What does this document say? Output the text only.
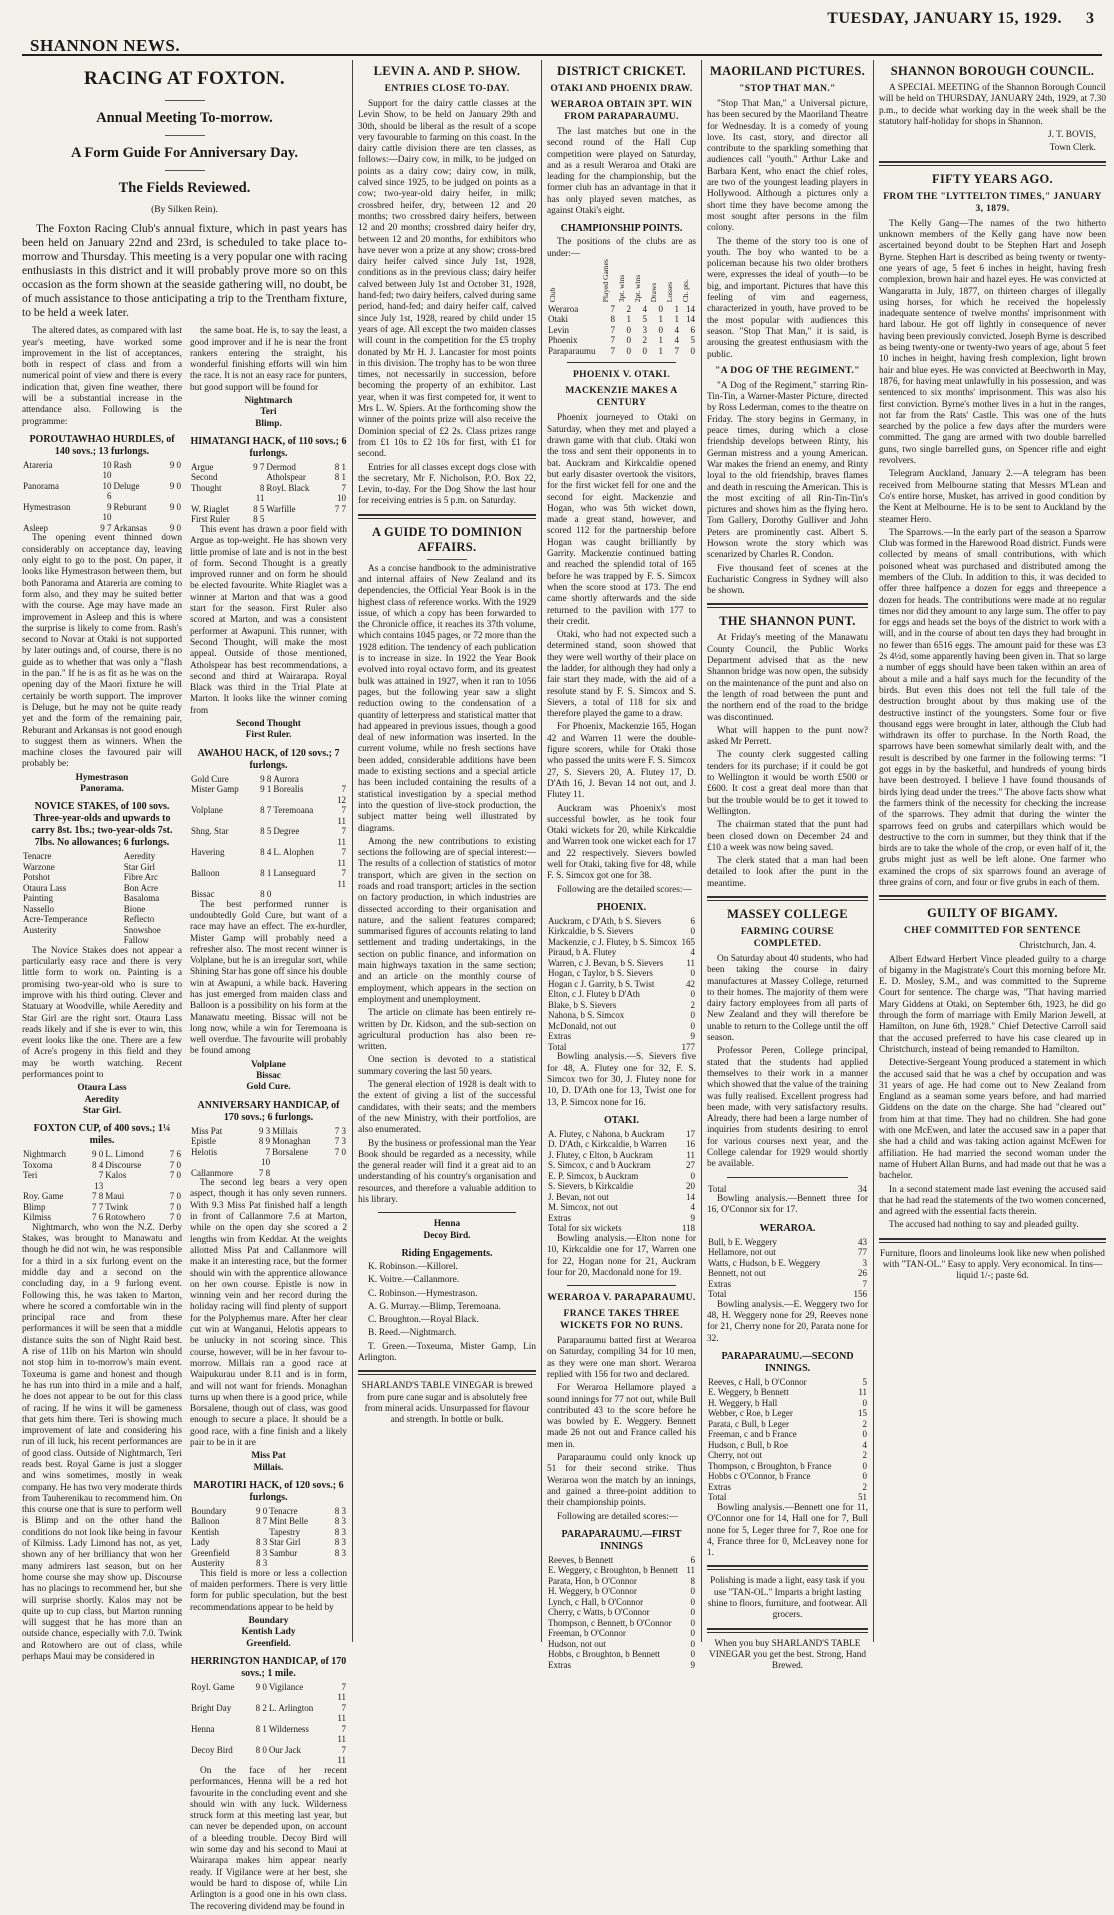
SHANNON NEWS.
TUESDAY, JANUARY 15, 1929. 3
RACING AT FOXTON.
Annual Meeting To-morrow.
A Form Guide For Anniversary Day.
The Fields Reviewed.
(By Silken Rein).

The Foxton Racing Club's annual fixture, which in past years has been held on January 22nd and 23rd, is scheduled to take place to-morrow and Thursday. This meeting is a very popular one with racing enthusiasts in this district and it will probably prove more so on this occasion as the form shown at the seaside gathering will, no doubt, be of much assistance to those anticipating a trip to the Trentham fixture, to be held a week later.

The altered dates, as compared with last year's meeting, have worked some improvement in the list of acceptances, both in respect of class and from a numerical point of view and there is every indication that, given fine weather, there will be a substantial increase in the attendance also. Following is the programme:

POROUTAWHAO HURDLES, of 140 sovs.; 13 furlongs.
Atareria	10 10	Rash	9 0
Panorama	10 6	Deluge	9 0
Hymestrason	9 10	Reburant	9 0
Asleep	9 7	Arkansas	9 0

The opening event thinned down considerably on acceptance day, leaving only eight to go to the post. On paper, it looks like Hymestrason between them, but both Panorama and Atareria are coming to form also, and they may be suited better with the course. Age may have made an improvement in Asleep and this is where the surprise is likely to come from. Rash's second to Novar at Otaki is not supported by later outings and, of course, there is no guide as to whether that was only a "flash in the pan." If he is as fit as he was on the opening day of the Maori fixture he will certainly be worth support. The improver is Deluge, but he may not be quite ready yet and the form of the remaining pair, Reburant and Arkansas is not good enough to suggest them as winners. When the machine closes the favoured pair will probably be:

Hymestrason
Panorama.

NOVICE STAKES, of 100 sovs. Three-year-olds and upwards to carry 8st. 1bs.; two-year-olds 7st. 7lbs. No allowances; 6 furlongs.
Tenacre	Aeredity
Warzone	Star Girl
Potshot	Fibre Arc
Otaura Lass	Bon Acre
Painting	Basaloma
Nassello	Bione
Acre-Temperance	Reflecto
Austerity	Snowshoe
	Fallow

The Novice Stakes does not appear a particularly easy race and there is very little form to work on. Painting is a promising two-year-old who is sure to improve with his third outing. Clever and Statuary at Woodville, while Aeredity and Star Girl are the right sort. Otaura Lass reads likely and if she is ever to win, this event looks like the one. There are a few of Acre's progeny in this field and they may be worth watching. Recent performances point to

Otaura Lass
Aeredity
Star Girl.

FOXTON CUP, of 400 sovs.; 1¼ miles.
Nightmarch	9 0	L. Limond	7 6
Toxoma	8 4	Discourse	7 0
Teri	7 13	Kalos	7 0
Roy. Game	7 8	Maui	7 0
Blimp	7 7	Twink	7 0
Kilmiss	7 6	Rotowhero	7 0

Nightmarch, who won the N.Z. Derby Stakes, was brought to Manawatu and though he did not win, he was responsible for a third in a six furlong event on the middle day and a second on the concluding day, in a 9 furlong event. Following this, he was taken to Marton, where he scored a comfortable win in the principal race and from these performances it will be seen that a middle distance suits the son of Night Raid best. A rise of 11lb on his Marton win should not stop him in to-morrow's main event. Toxeuma is game and honest and though he has run into third in a mile and a half, he does not appear to be out for this class of racing. If he wins it will be gameness that gets him there. Teri is showing much improvement of late and considering his run of ill luck, his recent performances are of good class. Outside of Nightmarch, Teri reads best. Royal Game is just a slogger and wins sometimes, mostly in weak company. He has two very moderate thirds from Tauherenikau to recommend him. On this course one that is sure to perform well is Blimp and on the other hand the conditions do not look like being in favour of Kilmiss. Lady Limond has not, as yet, shown any of her brilliancy that won her many admirers last season, but on her home course she may show up. Discourse has no placings to recommend her, but she will surprise shortly. Kalos may not be quite up to cup class, but Marton running will suggest that he has more than an outside chance, especially with 7.0. Twink and Rotowhero are out of class, while perhaps Maui may be considered in

the same boat. He is, to say the least, a good improver and if he is near the front rankers entering the straight, his wonderful finishing efforts will win him the race. It is not an easy race for punters, but good support will be found for

Nightmarch
Teri
Blimp.

HIMATANGI HACK, of 110 sovs.; 6 furlongs.
Argue	9 7	Dermod	8 1
Second		Atholspear	8 1
Thought	8 11	Royl. Black	7 10
W. Riaglet	8 5	Warfille	7 7
First Ruler	8 5		

This event has drawn a poor field with Argue as top-weight. He has shown very little promise of late and is not in the best of form. Second Thought is a greatly improved runner and on form he should be elected favourite. White Riaglet was a winner at Marton and that was a good start for the season. First Ruler also scored at Marton, and was a consistent performer at Awapuni. This runner, with Second Thought, will make the most appeal. Outside of those mentioned, Atholspear has best recommendations, a second and third at Wairarapa. Royal Black was third in the Trial Plate at Marton. It looks like the winner coming from

Second Thought
First Ruler.

AWAHOU HACK, of 120 sovs.; 7 furlongs.
Gold Cure	9 8	Aurora	
Mister Gamp	9 1	Borealis	7 12
Volplane	8 7	Teremoana	7 11
Shng. Star	8 5	Degree	7 11
Havering	8 4	L. Alophen	7 11
Balloon	8 1	Lanseguard	7 11
Bissac	8 0		

The best performed runner is undoubtedly Gold Cure, but want of a race may have an effect. The ex-hurdler, Mister Gamp will probably need a refresher also. The most recent winner is Volplane, but he is an irregular sort, while Shining Star has gone off since his double win at Awapuni, a while back. Havering has just emerged from maiden class and Balloon is a possibility on his form at the Manawatu meeting. Bissac will not be long now, while a win for Teremoana is well overdue. The favourite will probably be found among

Volplane
Bissac
Gold Cure.

ANNIVERSARY HANDICAP, of 170 sovs.; 6 furlongs.
Miss Pat	9 3	Millais	7 3
Epistle	8 9	Monaghan	7 3
Helotis	7 10	Borsalene	7 0
Callanmore	7 8		

The second leg bears a very open aspect, though it has only seven runners. With 9.3 Miss Pat finished half a length in front of Callanmore 7.6 at Marton, while on the open day she scored a 2 lengths win from Keddar. At the weights allotted Miss Pat and Callanmore will make it an interesting race, but the former should win with the apprentice allowance on her own course. Epistle is now in winning vein and her record during the holiday racing will find plenty of support for the Polyphemus mare. After her clear cut win at Wanganui, Helotis appears to be unlucky in not scoring since. This course, however, will be in her favour to-morrow. Millais ran a good race at Waipukurau under 8.11 and is in form, and will not want for friends. Monaghan turns up when there is a good price, while Borsalene, though out of class, was good enough to secure a place. It should be a good race, with a fine finish and a likely pair to be in it are

Miss Pat
Millais.

MAROTIRI HACK, of 120 sovs.; 6 furlongs.
Boundary	9 0	Tenacre	8 3
Balloon	8 7	Mint Belle	8 3
Kentish		Tapestry	8 3
Lady	8 3	Star Girl	8 3
Greenfield	8 3	Sambur	8 3
Austerity	8 3		

This field is more or less a collection of maiden performers. There is very little form for public speculation, but the best recommendations appear to be held by

Boundary
Kentish Lady
Greenfield.

HERRINGTON HANDICAP, of 170 sovs.; 1 mile.
Royl. Game	9 0	Vigilance	7 11
Bright Day	8 2	L. Arlington	7 11
Henna	8 1	Wilderness	7 11
Decoy Bird	8 0	Our Jack	7 11

On the face of her recent performances, Henna will be a red hot favourite in the concluding event and she should win with any luck. Wilderness struck form at this meeting last year, but can never be depended upon, on account of a bleeding trouble. Decoy Bird will win some day and his second to Maui at Wairarapa makes him appear nearly ready. If Vigilance were at her best, she would be hard to dispose of, while Lin Arlington is a good one in his own class. The recovering dividend may be found in

LEVIN A. AND P. SHOW.
ENTRIES CLOSE TO-DAY.

Support for the dairy cattle classes at the Levin Show, to be held on January 29th and 30th, should be liberal as the result of a scope very favourable to farming on this coast. In the dairy cattle division there are ten classes, as follows:—Dairy cow, in milk, to be judged on points as a dairy cow; dairy cow, in milk, calved since 1925, to be judged on points as a cow; two-year-old dairy heifer, in milk; crossbred heifer, dry, between 12 and 20 months; two crossbred dairy heifers, between 12 and 20 months; crossbred dairy heifer dry, between 12 and 20 months, for exhibitors who have never won a prize at any show; cross-bred dairy heifer calved since July 1st, 1928, conditions as in the previous class; dairy heifer calved between July 1st and October 31, 1928, hand-fed; two dairy heifers, calved during same period, hand-fed; and dairy heifer calf, calved since July 1st, 1928, reared by child under 15 years of age. All except the two maiden classes will count in the competition for the £5 trophy donated by Mr H. J. Lancaster for most points in this division. The trophy has to be won three times, not necessarily in succession, before becoming the property of an exhibitor. Last year, when it was first competed for, it went to Mrs L. W. Spiers. At the forthcoming show the winner of the points prize will also receive the Dominion special of £2 2s. Class prizes range from £1 10s to £2 10s for first, with £1 for second.

Entries for all classes except dogs close with the secretary, Mr F. Nicholson, P.O. Box 22, Levin, to-day. For the Dog Show the last hour for receiving entries is 5 p.m. on Saturday.

A GUIDE TO DOMINION AFFAIRS.

As a concise handbook to the administrative and internal affairs of New Zealand and its dependencies, the Official Year Book is in the highest class of reference works. With the 1929 issue, of which a copy has been forwarded to the Chronicle office, it reaches its 37th volume, which contains 1045 pages, or 72 more than the 1928 edition. The tendency of each publication is to increase in size. In 1922 the Year Book evolved into royal octavo form, and its greatest bulk was attained in 1927, when it ran to 1056 pages, but the following year saw a slight reduction owing to the condensation of a quantity of letterpress and statistical matter that had appeared in previous issues, though a good deal of new information was inserted. In the current volume, while no fresh sections have been added, considerable additions have been made to existing sections and a special article has been included containing the results of a statistical investigation by a special method into the question of live-stock production, the subject matter being well illustrated by diagrams.

Among the new contributions to existing sections the following are of special interest:—The results of a collection of statistics of motor transport, which are given in the section on roads and road transport; articles in the section on factory production, in which industries are dissected according to their organisation and nature, and the salient features compared; summarised figures of accounts relating to land settlement and trading undertakings, in the section on public finance, and information on main highways taxation in the same section; and an article on the monthly course of employment, which appears in the section on employment and unemployment.

The article on climate has been entirely re-written by Dr. Kidson, and the sub-section on agricultural production has also been re-written.

One section is devoted to a statistical summary covering the last 50 years.

The general election of 1928 is dealt with to the extent of giving a list of the successful candidates, with their seats; and the members of the new Ministry, with their portfolios, are also enumerated.

By the business or professional man the Year Book should be regarded as a necessity, while the general reader will find it a great aid to an understanding of his country's organisation and resources, and therefore a valuable addition to his library.

Henna
Decoy Bird.

Riding Engagements.

K. Robinson.—Killorel.

K. Voitre.—Callanmore.

C. Robinson.—Hymestrason.

A. G. Murray.—Blimp, Teremoana.

C. Broughton.—Royal Black.

B. Reed.—Nightmarch.

T. Green.—Toxeuma, Mister Gamp, Lin Arlington.

SHARLAND'S TABLE VINEGAR is brewed from pure cane sugar and is absolutely free from mineral acids. Unsurpassed for flavour and strength. In bottle or bulk.

DISTRICT CRICKET.
OTAKI AND PHOENIX DRAW.
WERAROA OBTAIN 3PT. WIN FROM PARAPARAUMU.

The last matches but one in the second round of the Hall Cup competition were played on Saturday, and as a result Weraroa and Otaki are leading for the championship, but the former club has an advantage in that it has only played seven matches, as against Otaki's eight.

CHAMPIONSHIP POINTS.

The positions of the clubs are as under:—

Club	Played Games	3pt. wins	2pt. wins	Draws	Losses	Ch. pts.
Weraroa	7	2	4	0	1	14
Otaki	8	1	5	1	1	14
Levin	7	0	3	0	4	6
Phoenix	7	0	2	1	4	5
Paraparaumu	7	0	0	1	7	0
PHOENIX V. OTAKI.
MACKENZIE MAKES A CENTURY

Phoenix journeyed to Otaki on Saturday, when they met and played a drawn game with that club. Otaki won the toss and sent their opponents in to bat. Auckram and Kirkcaldie opened but early disaster overtook the visitors, for the first wicket fell for one and the second for eight. Mackenzie and Hogan, who was 5th wicket down, made a great stand, however, and scored 112 for the partnership before Hogan was caught brilliantly by Garrity. Mackenzie continued batting and reached the splendid total of 165 before he was trapped by F. S. Simcox when the score stood at 173. The end came shortly afterwards and the side returned to the pavilion with 177 to their credit.

Otaki, who had not expected such a determined stand, soon showed that they were well worthy of their place on the ladder, for although they had only a fair start they made, with the aid of a resolute stand by F. S. Simcox and S. Sievers, a total of 118 for six and therefore played the game to a draw.

For Phoenix, Mackenzie 165, Hogan 42 and Warren 11 were the double-figure scorers, while for Otaki those who passed the units were F. S. Simcox 27, S. Sievers 20, A. Flutey 17, D. D'Ath 16, J. Bevan 14 not out, and J. Flutey 11.

Auckram was Phoenix's most successful bowler, as he took four Otaki wickets for 20, while Kirkcaldie and Warren took one wicket each for 17 and 22 respectively. Sievers bowled well for Otaki, taking five for 48, while F. S. Simcox got one for 38.

Following are the detailed scores:—

PHOENIX.
Auckram, c D'Ath, b S. Sievers	6
Kirkcaldie, b S. Sievers	0
Mackenzie, c J. Flutey, b S. Simcox	165
Piraud, b A. Flutey	4
Warren, c J. Bevan, b S. Sievers	11
Hogan, c Taylor, b S. Sievers	0
Hogan c J. Garrity, b S. Twist	42
Elton, c J. Flutey b D'Ath	0
Blake, b S. Sievers	2
Nahona, b S. Simcox	0
McDonald, not out	0
Extras	9
Total	177

Bowling analysis.—S. Sievers five for 48, A. Flutey one for 32, F. S. Simcox two for 30, J. Flutey none for 10, D. D'Ath one for 13, Twist one for 13, P. Simcox none for 16.

OTAKI.
A. Flutey, c Nahona, b Auckram	17
D. D'Ath, c Kirkcaldie, b Warren	16
J. Flutey, c Elton, b Auckram	11
S. Simcox, c and b Auckram	27
E. P. Simcox, b Auckram	0
S. Sievers, b Kirkcaldie	20
J. Bevan, not out	14
M. Simcox, not out	4
Extras	9
Total for six wickets	118

Bowling analysis.—Elton none for 10, Kirkcaldie one for 17, Warren one for 22, Hogan none for 21, Auckram four for 20, Macdonald none for 19.

WERAROA V. PARAPARAUMU.
FRANCE TAKES THREE WICKETS FOR NO RUNS.

Paraparaumu batted first at Weraroa on Saturday, compiling 34 for 10 men, as they were one man short. Weraroa replied with 156 for two and declared.

For Weraroa Hellamore played a sound innings for 77 not out, while Bull contributed 43 to the score before he was bowled by E. Weggery. Bennett made 26 not out and France called his men in.

Paraparaumu could only knock up 51 for their second strike. Thus Weraroa won the match by an innings, and gained a three-point addition to their championship points.

Following are detailed scores:—

PARAPARAUMU.—FIRST INNINGS
Reeves, b Bennett	6
E. Weggery, c Broughton, b Bennett	11
Parata, Hon, b O'Connor	8
H. Weggery, b O'Connor	0
Lynch, c Hall, b O'Connor	0
Cherry, c Watts, b O'Connor	0
Thompson, c Bennett, b O'Connor	0
Freeman, b O'Connor	0
Hudson, not out	0
Hobbs, c Broughton, b Bennett	0
Extras	9
MAORILAND PICTURES.
"STOP THAT MAN."

"Stop That Man," a Universal picture, has been secured by the Maoriland Theatre for Wednesday. It is a comedy of young love. Its cast, story, and director all contribute to the sparkling something that audiences call "youth." Arthur Lake and Barbara Kent, who enact the chief roles, are two of the youngest leading players in Hollywood. Although a pictures only a short time they have become among the most sought after persons in the film colony.

The theme of the story too is one of youth. The boy who wanted to be a policeman because his two older brothers were, expresses the ideal of youth—to be big, and important. Pictures that have this feeling of vim and eagerness, characterized in youth, have proved to be the most popular with audiences this season. "Stop That Man," it is said, is arousing the greatest enthusiasm with the public.

"A DOG OF THE REGIMENT."

"A Dog of the Regiment," starring Rin-Tin-Tin, a Warner-Master Picture, directed by Ross Lederman, comes to the theatre on Friday. The story begins in Germany, in peace times, during which a close friendship develops between Rinty, his German mistress and a young American. War makes the friend an enemy, and Rinty loyal to the old friendship, braves flames and death in rescuing the American. This is the most exciting of all Rin-Tin-Tin's pictures and shows him as the flying hero. Tom Gallery, Dorothy Gulliver and John Peters are prominently cast. Albert S. Howson wrote the story which was scenarized by Charles R. Condon.

Five thousand feet of scenes at the Eucharistic Congress in Sydney will also be shown.

THE SHANNON PUNT.

At Friday's meeting of the Manawatu County Council, the Public Works Department advised that as the new Shannon bridge was now open, the subsidy on the maintenance of the punt and also on the length of road between the punt and the northern end of the road to the bridge was discontinued.

What will happen to the punt now? asked Mr Perrett.

The county clerk suggested calling tenders for its purchase; if it could be got to Wellington it would be worth £500 or £600. It cost a great deal more than that but the trouble would be to get it towed to Wellington.

The chairman stated that the punt had been closed down on December 24 and £10 a week was now being saved.

The clerk stated that a man had been detailed to look after the punt in the meantime.

MASSEY COLLEGE
FARMING COURSE COMPLETED.

On Saturday about 40 students, who had been taking the course in dairy manufactures at Massey College, returned to their homes. The majority of them were dairy factory employees from all parts of New Zealand and they will therefore be unable to return to the College until the off season.

Professor Peren, College principal, stated that the students had applied themselves to their work in a manner which showed that the value of the training was fully realised. Excellent progress had been made, with very satisfactory results. Already, there had been a large number of inquiries from students desiring to enrol for various courses next year, and the College calendar for 1929 would shortly be available.

Total	34

Bowling analysis.—Bennett three for 16, O'Connor six for 17.

WERAROA.
Bull, b E. Weggery	43
Hellamore, not out	77
Watts, c Hudson, b E. Weggery	3
Bennett, not out	26
Extras	7
Total	156

Bowling analysis.—E. Weggery two for 48, H. Weggery none for 29, Reeves none for 21, Cherry none for 20, Parata none for 32.

PARAPARAUMU.—SECOND INNINGS.
Reeves, c Hall, b O'Connor	5
E. Weggery, b Bennett	11
H. Weggery, b Hall	0
Webber, c Roe, b Leger	15
Parata, c Bull, b Leger	2
Freeman, c and b France	0
Hudson, c Bull, b Roe	4
Cherry, not out	2
Thompson, c Broughton, b France	0
Hobbs c O'Connor, b France	0
Extras	2
Total	51

Bowling analysis.—Bennett one for 11, O'Connor one for 14, Hall one for 7, Bull none for 5, Leger three for 7, Roe one for 4, France three for 0, McLeavey none for 1.

Polishing is made a light, easy task if you use "TAN-OL." Imparts a bright lasting shine to floors, furniture, and footwear. All grocers.

When you buy SHARLAND'S TABLE VINEGAR you get the best. Strong, Hand Brewed.

SHANNON BOROUGH COUNCIL.

A SPECIAL MEETING of the Shannon Borough Council will be held on THURSDAY, JANUARY 24th, 1929, at 7.30 p.m., to decide what working day in the week shall be the statutory half-holiday for shops in Shannon.

J. T. BOVIS,

Town Clerk.

FIFTY YEARS AGO.
FROM THE "LYTTELTON TIMES," JANUARY 3, 1879.

The Kelly Gang—The names of the two hitherto unknown members of the Kelly gang have now been ascertained beyond doubt to be Stephen Hart and Joseph Byrne. Stephen Hart is described as being twenty or twenty-one years of age, 5 feet 6 inches in height, having fresh complexion, brown hair and hazel eyes. He was convicted at Wangaratta in July, 1877, on thirteen charges of illegally using horses, for which he received the hopelessly inadequate sentence of twelve months' imprisonment with hard labour. He got off lightly in consequence of never having been previously convicted. Joseph Byrne is described as being twenty-one or twenty-two years of age, about 5 feet 10 inches in height, having fresh complexion, light brown hair and blue eyes. He was convicted at Beechworth in May, 1876, for having meat unlawfully in his possession, and was sentenced to six months' imprisonment. This was also his first conviction. Byrne's mother lives in a hut in the ranges, not far from the Rats' Castle. This was one of the huts searched by the police a few days after the murders were committed. The gang are armed with two double barrelled guns, two single barrelled guns, on Spencer rifle and eight revolvers.

Telegram Auckland, January 2.—A telegram has been received from Melbourne stating that Messrs M'Lean and Co's entire horse, Musket, has arrived in good condition by the Kent at Melbourne. He is to be sent to Auckland by the steamer Hero.

The Sparrows.—In the early part of the season a Sparrow Club was formed in the Harewood Road district. Funds were collected by means of small contributions, with which poisoned wheat was purchased and distributed among the members of the Club. In addition to this, it was decided to offer three halfpence a dozen for eggs and threepence a dozen for heads. The contributions were made at no regular times nor did they amount to any large sum. The offer to pay for eggs and heads set the boys of the district to work with a will, and in the course of about ten days they had brought in no fewer than 6516 eggs. The amount paid for these was £3 2s 4½d, some apparently having been given in. That so large a number of eggs should have been taken within an area of about a mile and a half says much for the fecundity of the birds. But even this does not tell the full tale of the destruction brought about by thus making use of the destructive instinct of the youngsters. Some four or five thousand eggs were brought in later, although the Club had withdrawn its offer to purchase. In the North Road, the sparrows have been somewhat similarly dealt with, and the result is described by one farmer in the following terms: "I got eggs in by the basketful, and hundreds of young birds have been destroyed. I believe I have found thousands of birds lying dead under the trees." The above facts show what the farmers think of the necessity for checking the increase of the sparrows. They admit that during the winter the sparrows feed on grubs and caterpillars which would be destructive to the corn in summer, but they think that if the birds are to take the whole of the crop, or even half of it, the grubs might just as well be left alone. One farmer who examined the crops of six sparrows found an average of three grains of corn, and four or five grubs in each of them.

GUILTY OF BIGAMY.
CHEF COMMITTED FOR SENTENCE

Christchurch, Jan. 4.

Albert Edward Herbert Vince pleaded guilty to a charge of bigamy in the Magistrate's Court this morning before Mr. E. D. Mosley, S.M., and was committed to the Supreme Court for sentence. The charge was, "That having married Mary Giddens at Otaki, on September 6th, 1923, he did go through the form of marriage with Emily Marion Jewell, at Hamilton, on June 6th, 1928." Chief Detective Carroll said that the accused preferred to have his case cleared up in Christchurch, instead of being remanded to Hamilton.

Detective-Sergeant Young produced a statement in which the accused said that he was a chef by occupation and was 31 years of age. He had come out to New Zealand from England as a seaman some years before, and had married Giddens on the date on the charge. She had "cleared out" from him at that time. They had no children. She had gone with one McEwen, and later the accused saw in a paper that she had a child and was taking action against McEwen for affiliation. He had married the second woman under the name of Hubert Allan Burns, and had made out that he was a bachelor.

In a second statement made last evening the accused said that he had read the statements of the two women concerned, and agreed with the essential facts therein.

The accused had nothing to say and pleaded guilty.

Furniture, floors and linoleums look like new when polished with "TAN-OL." Easy to apply. Very economical. In tins—liquid 1/-; paste 6d.
